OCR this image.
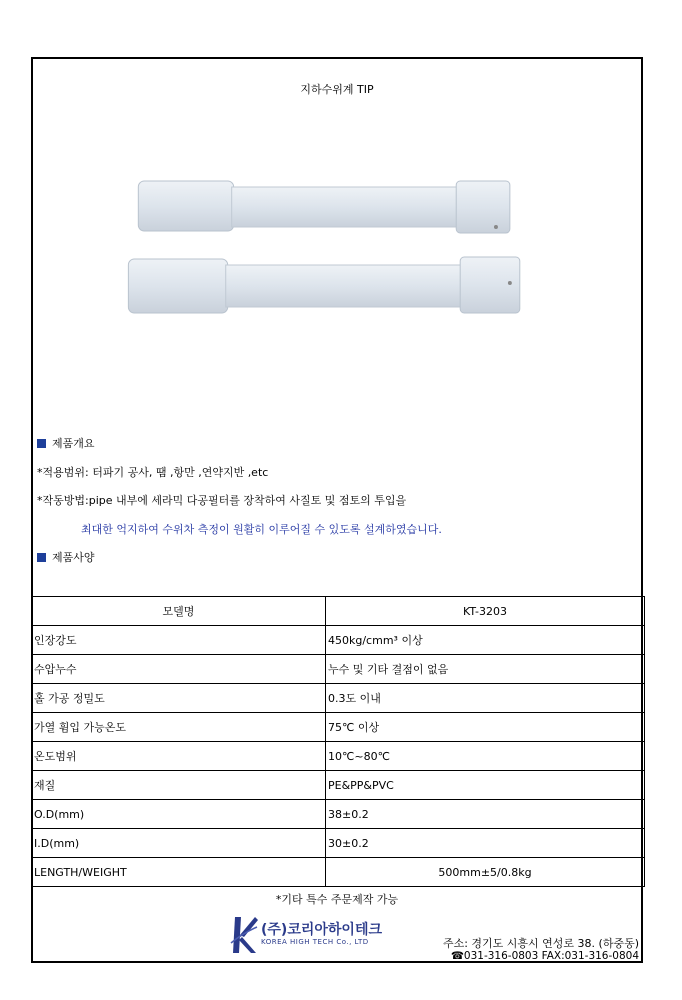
지하수위계 TIP
제품개요
*적용범위: 터파기 공사, 땜 ,항만 ,연약지반 ,etc
*작동방법:pipe 내부에 세라믹 다공필터를 장착하여 사질토 및 점토의 투입을
최대한 억지하여 수위차 측정이 원활히 이루어질 수 있도록 설계하였습니다.
제품사양
모델명	KT-3203
인장강도	450kg/cmm³ 이상
수압누수	누수 및 기타 결점이 없음
홀 가공 정밀도	0.3도 이내
가열 휨입 가능온도	75℃ 이상
온도범위	10℃~80℃
재질	PE&PP&PVC
O.D(mm)	38±0.2
I.D(mm)	30±0.2
LENGTH/WEIGHT	500mm±5/0.8kg
*기타 특수 주문제작 가능
(주)코리아하이테크
KOREA HIGH TECH Co., LTD	주소: 경기도 시흥시 연성로 38. (하중동)
☎031-316-0803 FAX:031-316-0804
